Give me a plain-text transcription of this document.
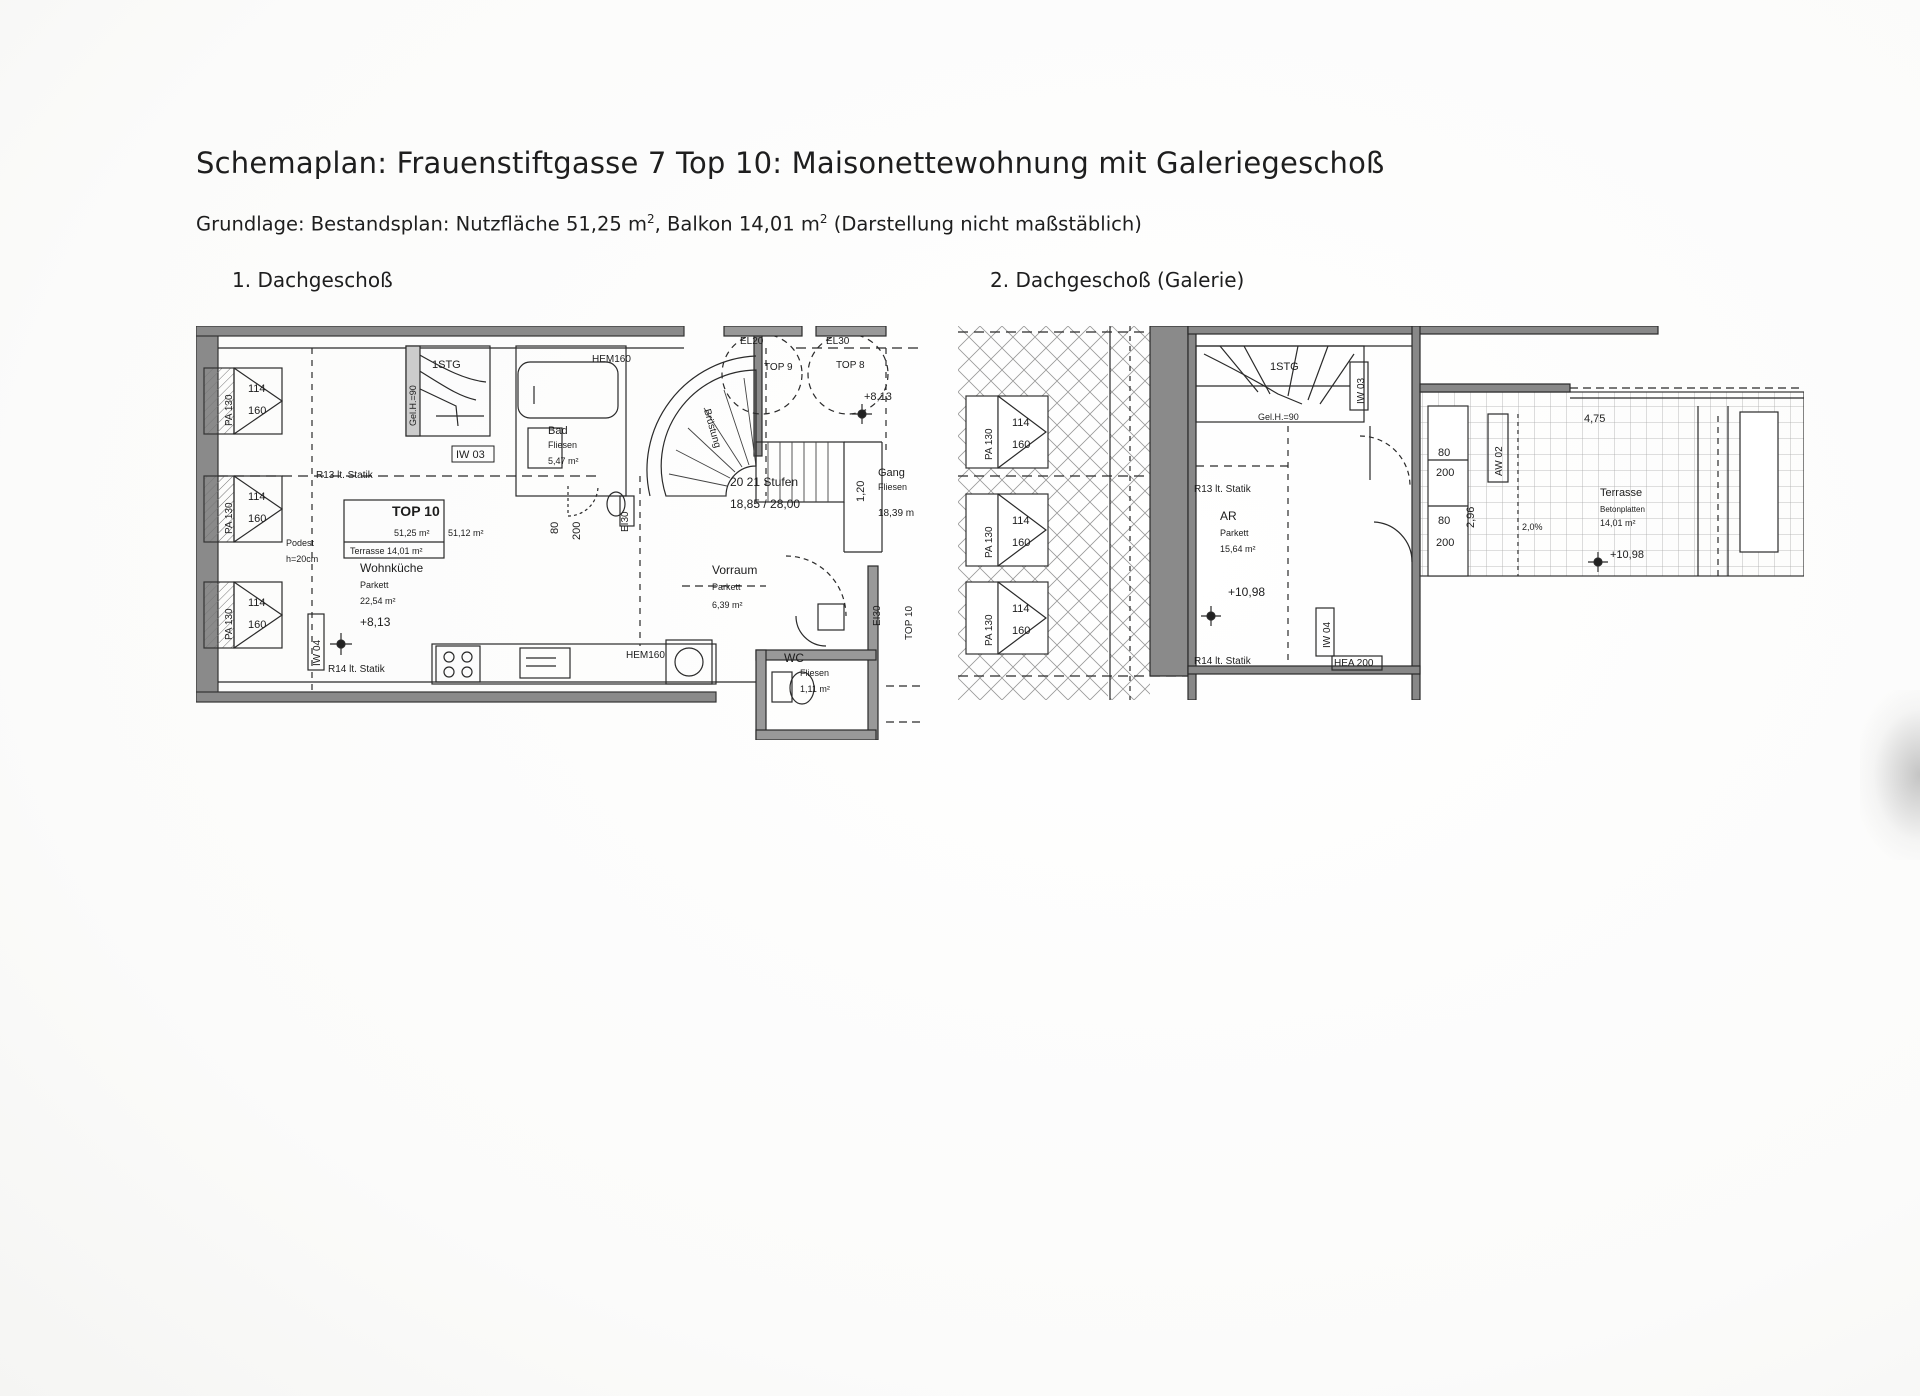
Schemaplan: Frauenstiftgasse 7 Top 10: Maisonettewohnung mit Galeriegeschoß
Grundlage: Bestandsplan: Nutzfläche 51,25 $m^2$, Balkon 14,01 $m^2$ (Darstellung nicht maßstäblich)
1. Dachgeschoß	2. Dachgeschoß (Galerie)
1STG
Gel.H.=90
HEM160
EL20
TOP 9
EL30
TOP 8
+8,13
IW 03
Bad
Fliesen
5,47 m²
R13 lt. Statik	Gang
Fliesen
18,39 m
20 21 Stufen
18,85 / 28,00
Brüstung
1,20
80 200	EI30
TOP 10
51,25 m² 51,12 m²
Terrasse 14,01 m²
Podest
h=20cm
Wohnküche
Parkett
22,54 m²
+8,13
Vorraum
Parkett
6,39 m²
WC
Fliesen
1,11 m²
IW 04
R14 lt. Statik
HEM160
TOP 10
EI30
PA 130
114
160
PA 130
114
160
PA 130
114
160
1STG
Gel.H.=90
IW 03
R13 lt. Statik
AR
Parkett
15,64 m²
+10,98
IW 04
R14 lt. Statik	HEA 200
AW 02
80
200
80
200
2,96
4,75
2,0%
Terrasse
Betonplatten
14,01 m²
+10,98
PA 130
114
160
PA 130
114
160
PA 130
114
160
